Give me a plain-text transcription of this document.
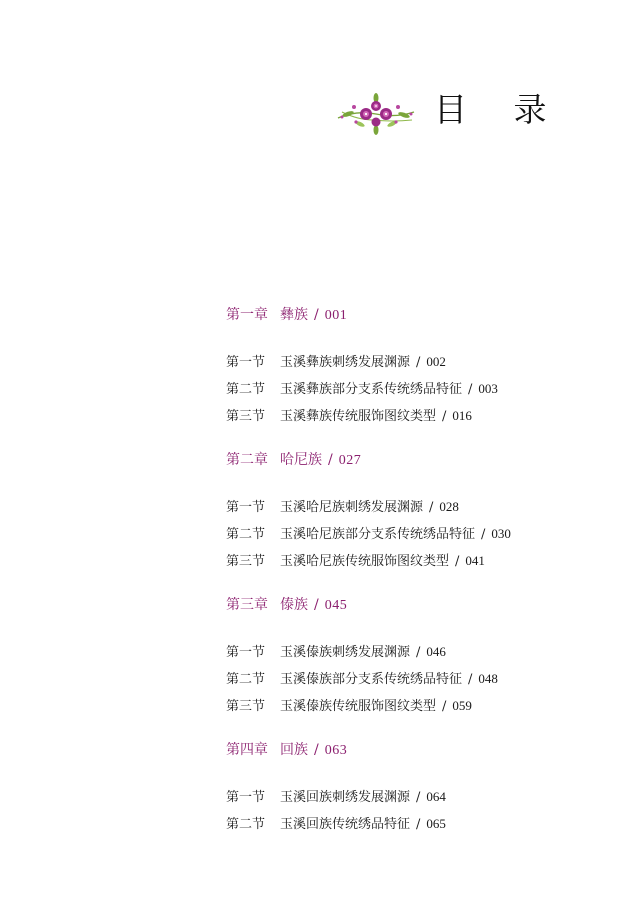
目 录
第一章 彝族 / 001
第一节 玉溪彝族刺绣发展渊源 / 002
第二节 玉溪彝族部分支系传统绣品特征 / 003
第三节 玉溪彝族传统服饰图纹类型 / 016
第二章 哈尼族 / 027
第一节 玉溪哈尼族刺绣发展渊源 / 028
第二节 玉溪哈尼族部分支系传统绣品特征 / 030
第三节 玉溪哈尼族传统服饰图纹类型 / 041
第三章 傣族 / 045
第一节 玉溪傣族刺绣发展渊源 / 046
第二节 玉溪傣族部分支系传统绣品特征 / 048
第三节 玉溪傣族传统服饰图纹类型 / 059
第四章 回族 / 063
第一节 玉溪回族刺绣发展渊源 / 064
第二节 玉溪回族传统绣品特征 / 065
